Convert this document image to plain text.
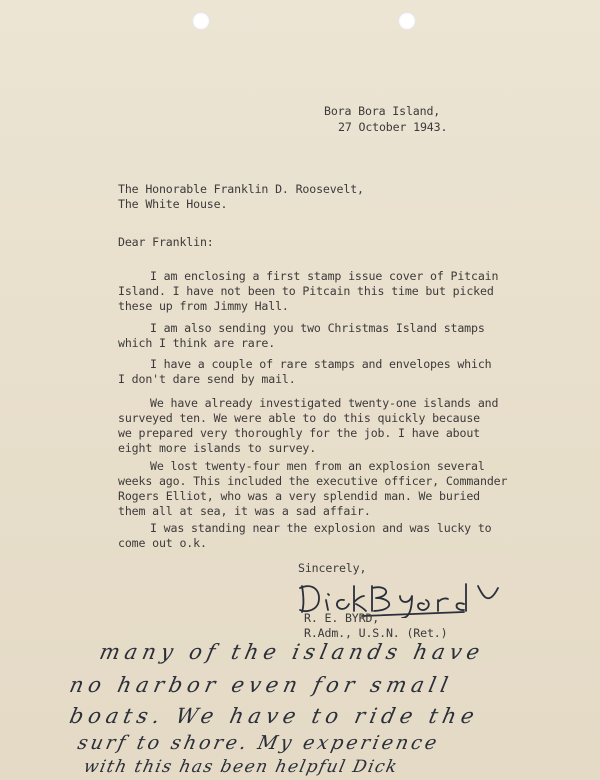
Bora Bora Island,
27 October 1943.
The Honorable Franklin D. Roosevelt,
The White House.
Dear Franklin:
I am enclosing a first stamp issue cover of Pitcain
Island. I have not been to Pitcain this time but picked
these up from Jimmy Hall.
I am also sending you two Christmas Island stamps
which I think are rare.
I have a couple of rare stamps and envelopes which
I don't dare send by mail.
We have already investigated twenty-one islands and
surveyed ten. We were able to do this quickly because
we prepared very thoroughly for the job. I have about
eight more islands to survey.
We lost twenty-four men from an explosion several
weeks ago. This included the executive officer, Commander
Rogers Elliot, who was a very splendid man. We buried
them all at sea, it was a sad affair.
I was standing near the explosion and was lucky to
come out o.k.
Sincerely,
R. E. BYRD,
R.Adm., U.S.N. (Ret.)
many of the islands have
no harbor even for small
boats. We have to ride the
surf to shore. My experience
with this has been helpful Dick
